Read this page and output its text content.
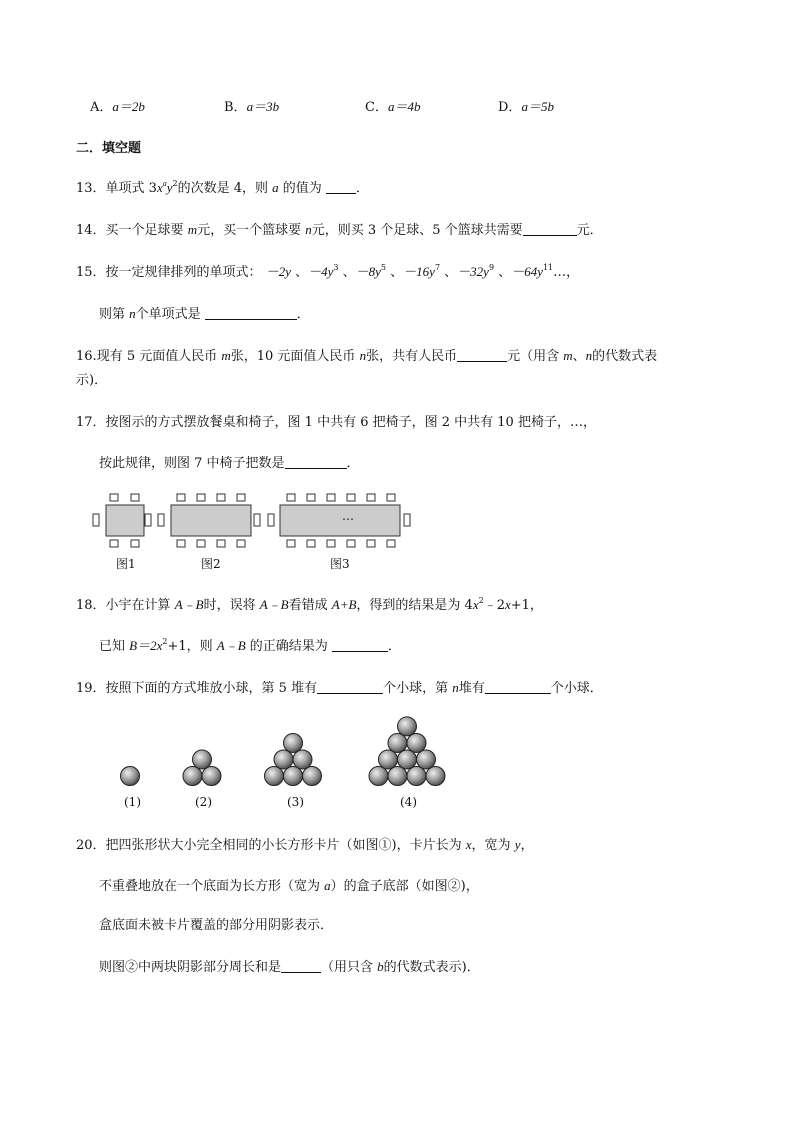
A．a＝2b	B．a＝3b	C．a＝4b	D．a＝5b
二．填空题
13．单项式 $3x^ay^2$的次数是 4，则 a 的值为 ．
14．买一个足球要 m元，买一个篮球要 n元，则买 3 个足球、5 个篮球共需要	元．
15．按一定规律排列的单项式： －2y 、$-4y^3$ 、$-8y^5$ 、$-16y^7$ 、$-32y^9$ 、$-64y^{11}\dots$，
则第 n个单项式是	．
16.现有 5 元面值人民币 m张，10 元面值人民币 n张，共有人民币	元（用含 m、n的代数式表
示)．
17．按图示的方式摆放餐桌和椅子，图 1 中共有 6 把椅子，图 2 中共有 10 把椅子，…，
按此规律，则图 7 中椅子把数是	．
…
图1	图2	图3
18．小宇在计算 A﹣B时，误将 A﹣B看错成 A+B，得到的结果是为 $4x^2﹣2x+1$，
已知 $B=2x^2+1$，则 A﹣B 的正确结果为	．
19．按照下面的方式堆放小球，第 5 堆有	个小球，第 n堆有	个小球．
(1)	(2)	(3)	(4)
20．把四张形状大小完全相同的小长方形卡片（如图①)，卡片长为 x，宽为 y，
不重叠地放在一个底面为长方形（宽为 a）的盒子底部（如图②)，
盒底面未被卡片覆盖的部分用阴影表示．
则图②中两块阴影部分周长和是	（用只含 b的代数式表示)．
